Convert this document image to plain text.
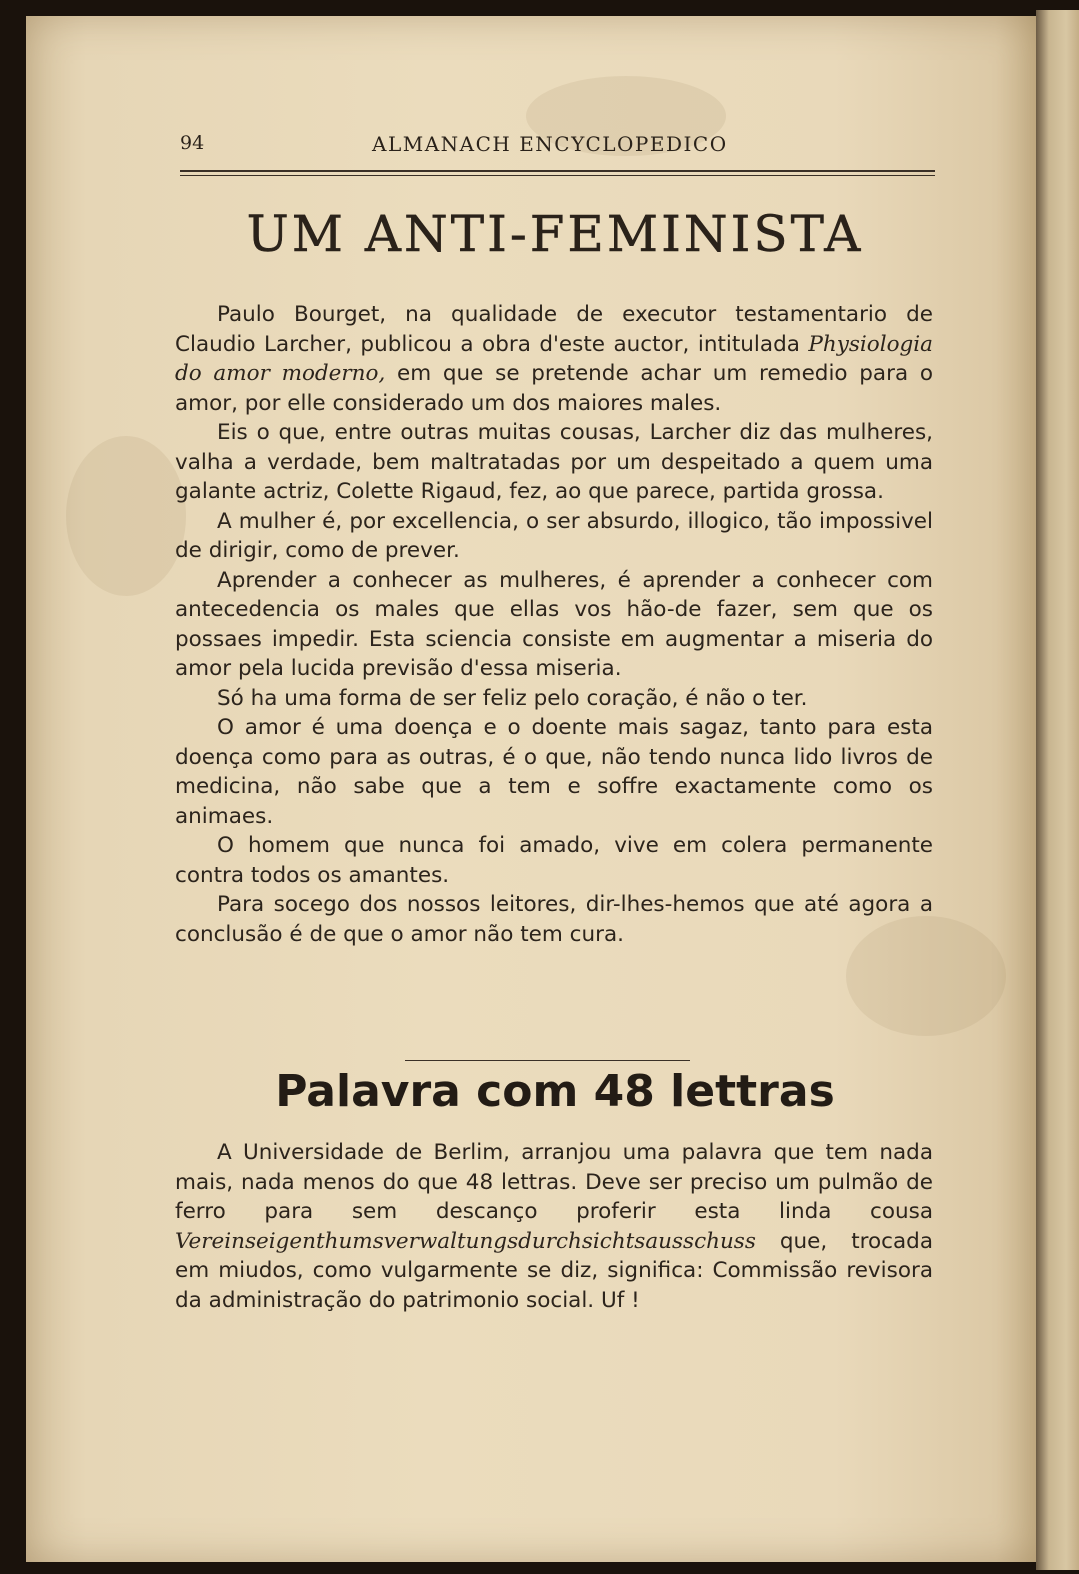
94	ALMANACH ENCYCLOPEDICO
UM ANTI-FEMINISTA

Paulo Bourget, na qualidade de executor testamentario de Claudio Larcher, publicou a obra d'este auctor, intitulada Physiologia do amor moderno, em que se pretende achar um remedio para o amor, por elle considerado um dos maiores males.

Eis o que, entre outras muitas cousas, Larcher diz das mulheres, valha a verdade, bem maltratadas por um despeitado a quem uma galante actriz, Colette Rigaud, fez, ao que parece, partida grossa.

A mulher é, por excellencia, o ser absurdo, illogico, tão impossivel de dirigir, como de prever.

Aprender a conhecer as mulheres, é aprender a conhecer com antecedencia os males que ellas vos hão-de fazer, sem que os possaes impedir. Esta sciencia consiste em augmentar a miseria do amor pela lucida previsão d'essa miseria.

Só ha uma forma de ser feliz pelo coração, é não o ter.

O amor é uma doença e o doente mais sagaz, tanto para esta doença como para as outras, é o que, não tendo nunca lido livros de medicina, não sabe que a tem e soffre exactamente como os animaes.

O homem que nunca foi amado, vive em colera permanente contra todos os amantes.

Para socego dos nossos leitores, dir-lhes-hemos que até agora a conclusão é de que o amor não tem cura.

Palavra com 48 lettras

A Universidade de Berlim, arranjou uma palavra que tem nada mais, nada menos do que 48 lettras. Deve ser preciso um pulmão de ferro para sem descanço proferir esta linda cousa Vereinseigenthumsverwaltungsdurchsichtsausschuss que, trocada em miudos, como vulgarmente se diz, significa: Commissão revisora da administração do patrimonio social. Uf !
